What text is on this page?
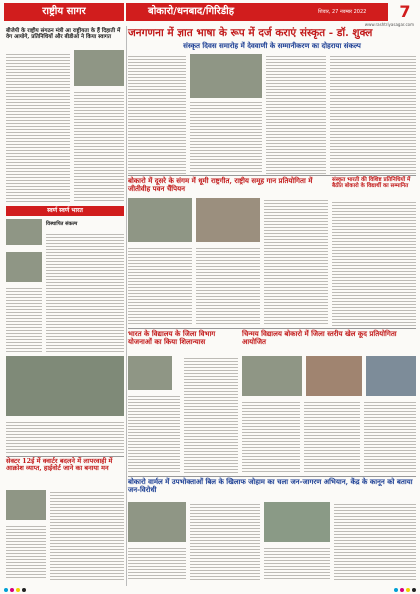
राष्ट्रीय सागर	बोकारो/धनबाद/गिरिडीह	शिवार, 27 नवम्बर 2022	7
www.rashtriyasagar.com
बीजेपी के राष्ट्रीय संगठन मंत्री आ राष्ट्रीयता के हैं दिहाती में वेग आयोगे, प्रतिनिधियों और बीडीओ ने किया स्वागत
स्वर्ण स्वर्ण भारत
विस्थापित संकल्प
जनगणना में ज्ञात भाषा के रूप में दर्ज कराएं संस्कृत - डॉ. शुक्ल
संस्कृत दिवस समारोह में देववाणी के सम्मानीकरण का दोहराया संकल्प
बोकारो में दूसरे के संगम में धूमी राष्ट्रगीत, राष्ट्रीय समूह गान प्रतियोगिता में जीतीवीह पवन चैंपियन
संस्कृत भारती की विशिष्ट प्रतिनिधियों में बैठीत बोकारो के विद्यार्थी का सम्मानित
भारत के विद्यालय के जिला विभाग योजनाओं का किया शिलान्यास
चिन्मय विद्यालय बोकारो में जिला स्तरीय खेल कूद प्रतियोगिता आयोजित
सेक्टर 12ई में क्वार्टर बदलने में लापरवाही में आक्रोश व्याप्त, हाईवोर्ट जाने का बनाया मन
बोकारो वार्मल में उपभोक्ताओं बिल के खिलाफ जोहाम का चला जन-जागरण अभियान, केंद्र के कानून को बताया जन-विरोधी
